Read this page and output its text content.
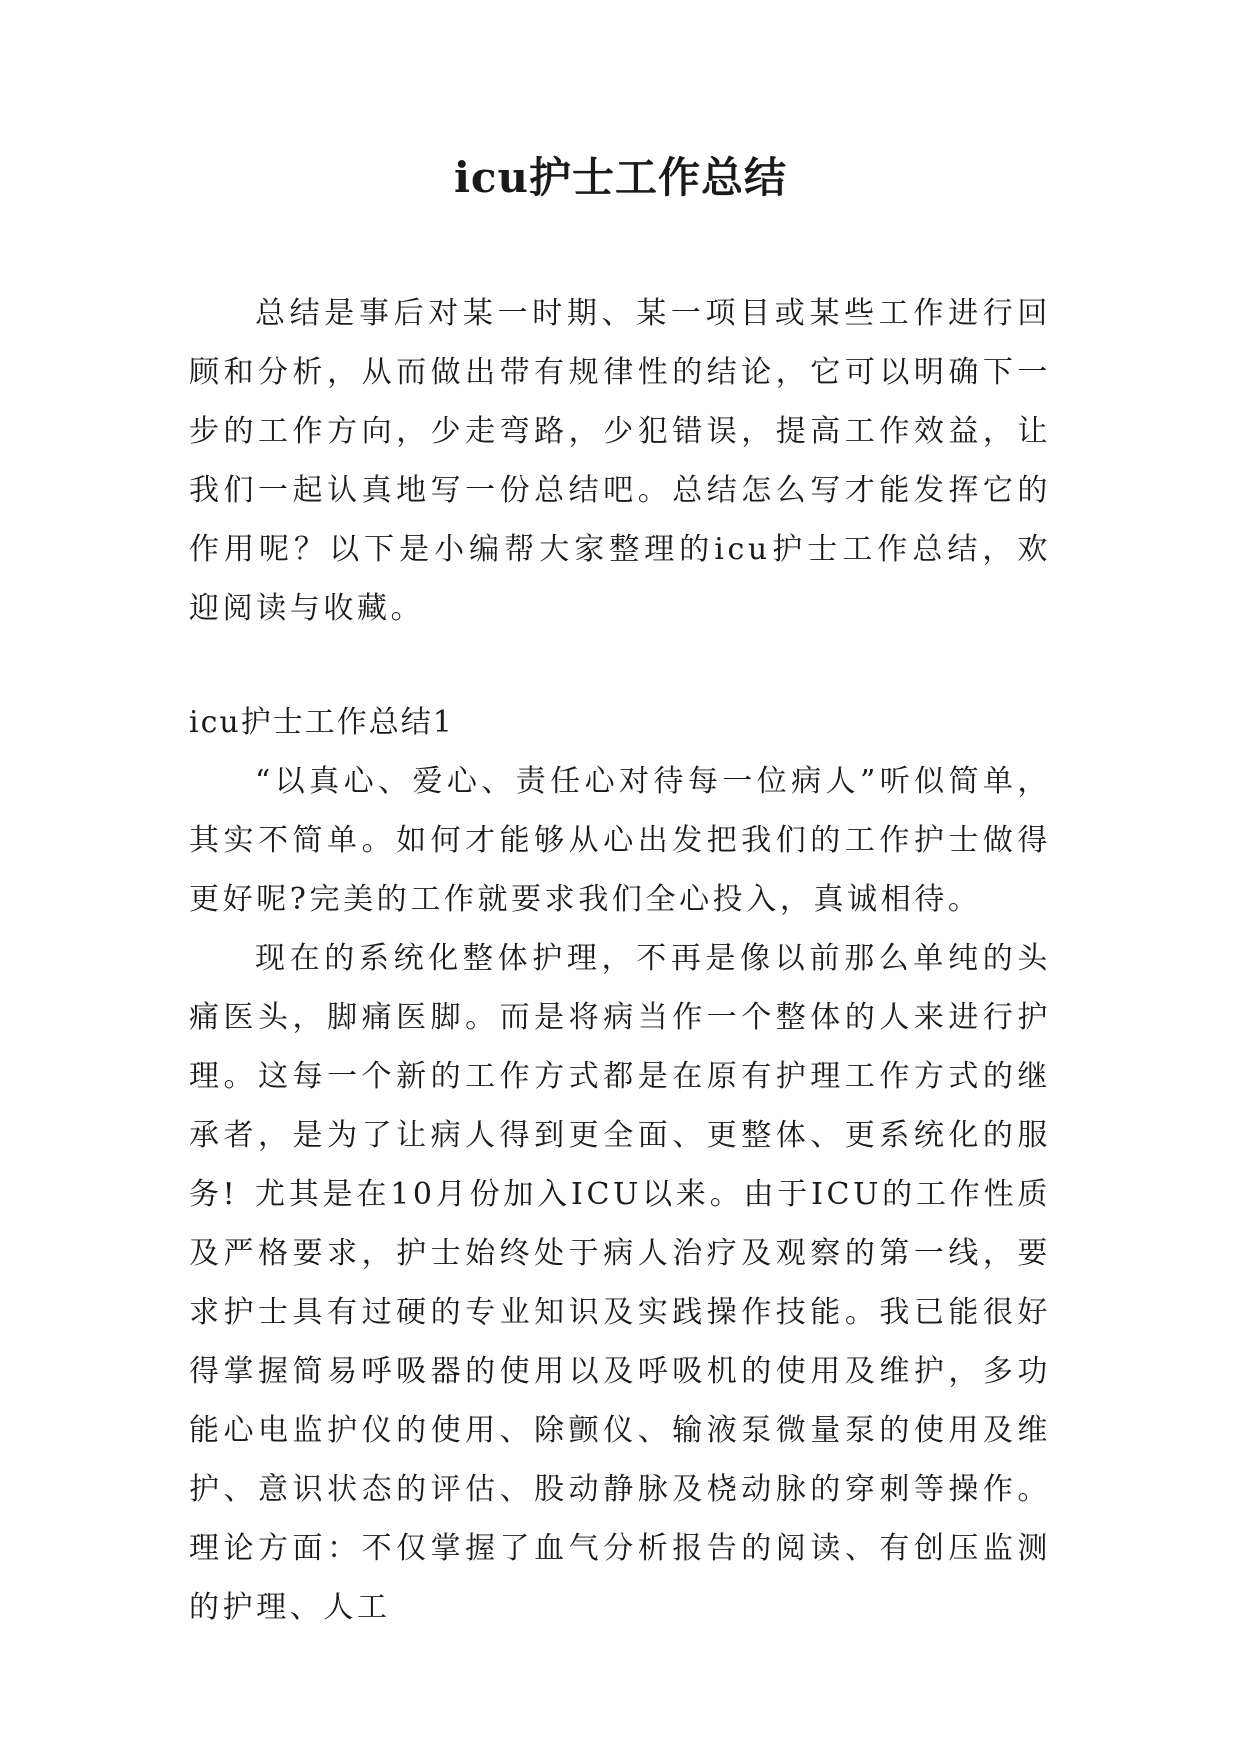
icu护士工作总结

总结是事后对某一时期、某一项目或某些工作进行回顾和分析，从而做出带有规律性的结论，它可以明确下一步的工作方向，少走弯路，少犯错误，提高工作效益，让我们一起认真地写一份总结吧。总结怎么写才能发挥它的作用呢？以下是小编帮大家整理的icu护士工作总结，欢迎阅读与收藏。

icu护士工作总结1

“以真心、爱心、责任心对待每一位病人”听似简单，其实不简单。如何才能够从心出发把我们的工作护士做得更好呢?完美的工作就要求我们全心投入，真诚相待。

现在的系统化整体护理，不再是像以前那么单纯的头痛医头，脚痛医脚。而是将病当作一个整体的人来进行护理。这每一个新的工作方式都是在原有护理工作方式的继承者，是为了让病人得到更全面、更整体、更系统化的服务! 尤其是在10月份加入ICU以来。由于ICU的工作性质及严格要求，护士始终处于病人治疗及观察的第一线，要求护士具有过硬的专业知识及实践操作技能。我已能很好得掌握简易呼吸器的使用以及呼吸机的使用及维护，多功能心电监护仪的使用、除颤仪、输液泵微量泵的使用及维护、意识状态的评估、股动静脉及桡动脉的穿刺等操作。理论方面：不仅掌握了血气分析报告的阅读、有创压监测的护理、人工
